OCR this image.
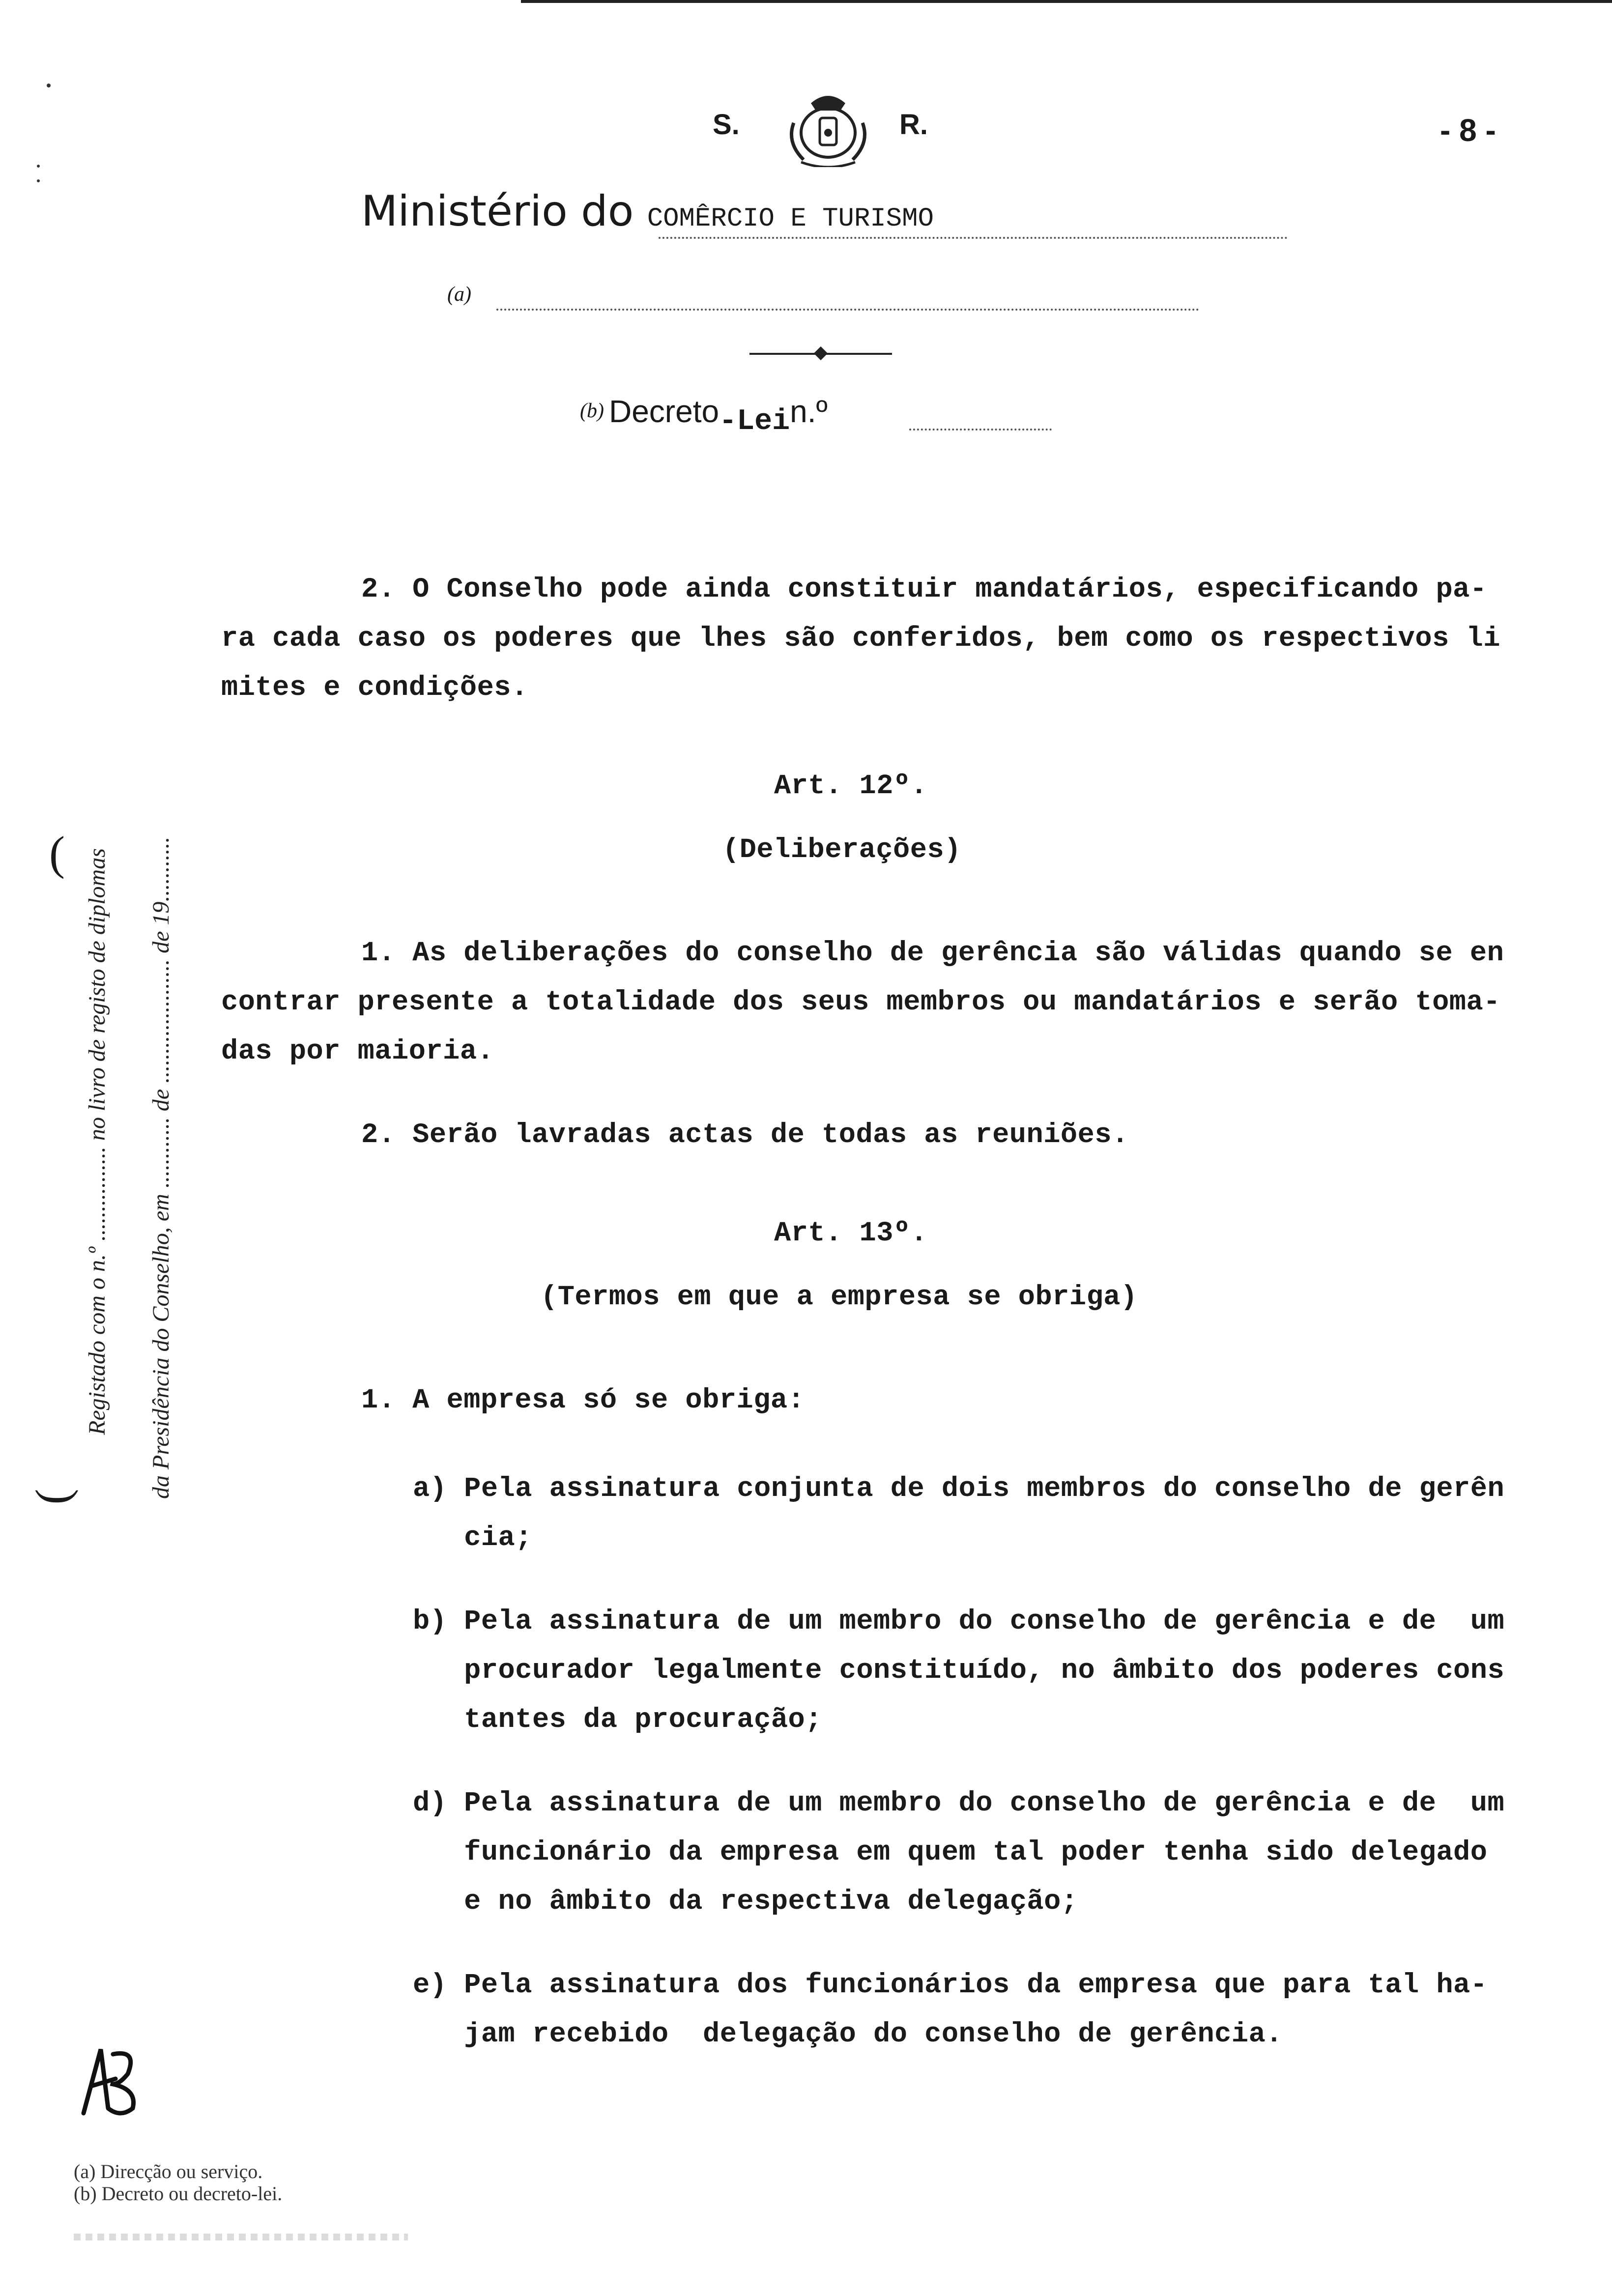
S.	R.	- 8 -
Ministério do COMÊRCIO E TURISMO
(a)
(b) Decreto-Lein.º
(
(
Registado com o n.º ................ no livro de registo de diplomas da Presidência do Conselho, em ............ de ..................... de 19...........
2. O Conselho pode ainda constituir mandatários, especificando pa-
ra cada caso os poderes que lhes são conferidos, bem como os respectivos li
mites e condições.
Art. 12º.
(Deliberações)
1. As deliberações do conselho de gerência são válidas quando se en
contrar presente a totalidade dos seus membros ou mandatários e serão toma-
das por maioria.
2. Serão lavradas actas de todas as reuniões.
Art. 13º.
(Termos em que a empresa se obriga)
1. A empresa só se obriga:
a) Pela assinatura conjunta de dois membros do conselho de gerên
cia;
b) Pela assinatura de um membro do conselho de gerência e de  um
procurador legalmente constituído, no âmbito dos poderes cons
tantes da procuração;
d) Pela assinatura de um membro do conselho de gerência e de  um
funcionário da empresa em quem tal poder tenha sido delegado
e no âmbito da respectiva delegação;
e) Pela assinatura dos funcionários da empresa que para tal ha-
jam recebido  delegação do conselho de gerência.
(a) Direcção ou serviço.
(b) Decreto ou decreto-lei.
